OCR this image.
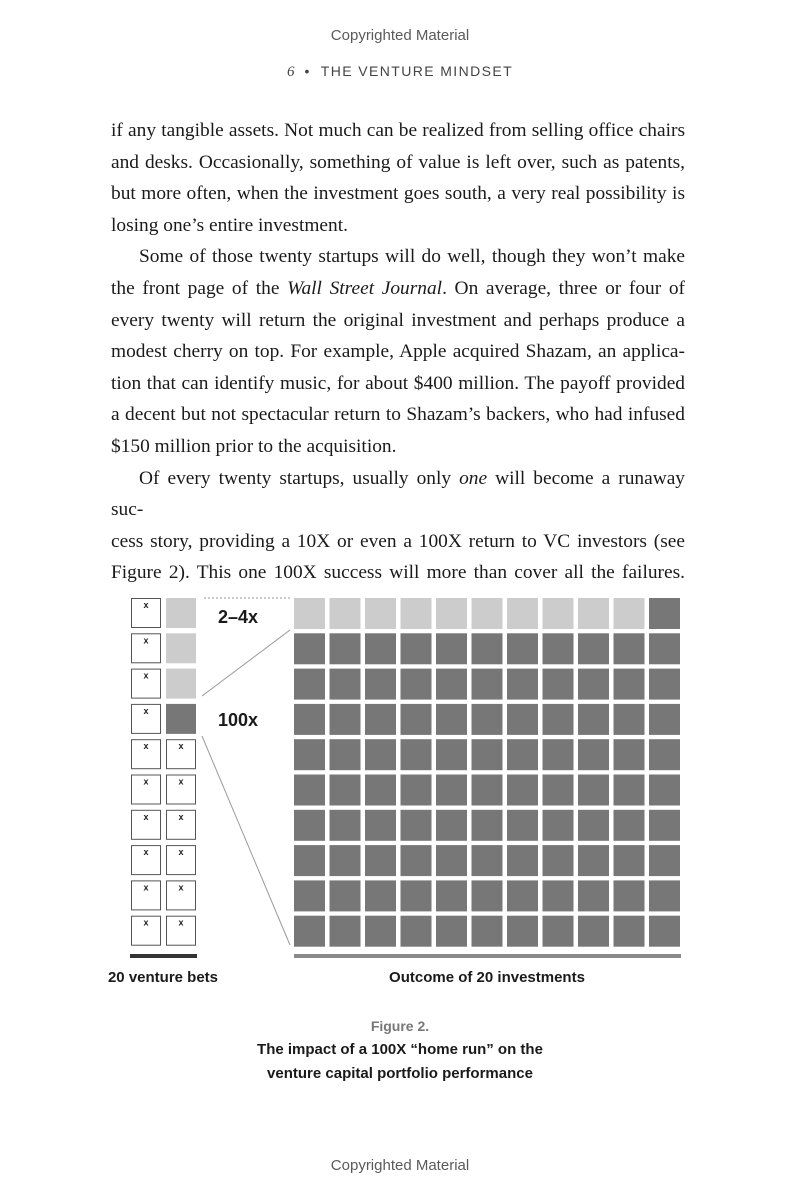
Copyrighted Material
6 • THE VENTURE MINDSET

if any tangible assets. Not much can be realized from selling office chairs

and desks. Occasionally, something of value is left over, such as patents,

but more often, when the investment goes south, a very real possibility is

losing one’s entire investment.

Some of those twenty startups will do well, though they won’t make

the front page of the Wall Street Journal. On average, three or four of

every twenty will return the original investment and perhaps produce a

modest cherry on top. For example, Apple acquired Shazam, an applica-

tion that can identify music, for about $400 million. The payoff provided

a decent but not spectacular return to Shazam’s backers, who had infused

$150 million prior to the acquisition.

Of every twenty startups, usually only one will become a runaway suc-

cess story, providing a 10X or even a 100X return to VC investors (see

Figure 2). This one 100X success will more than cover all the failures.

x
x
x
x
x
x
x
x
x
x
x
x
x
x
x
x
2–4x
100x
20 venture bets	Outcome of 20 investments
Figure 2.
The impact of a 100X “home run” on the
venture capital portfolio performance
Copyrighted Material
